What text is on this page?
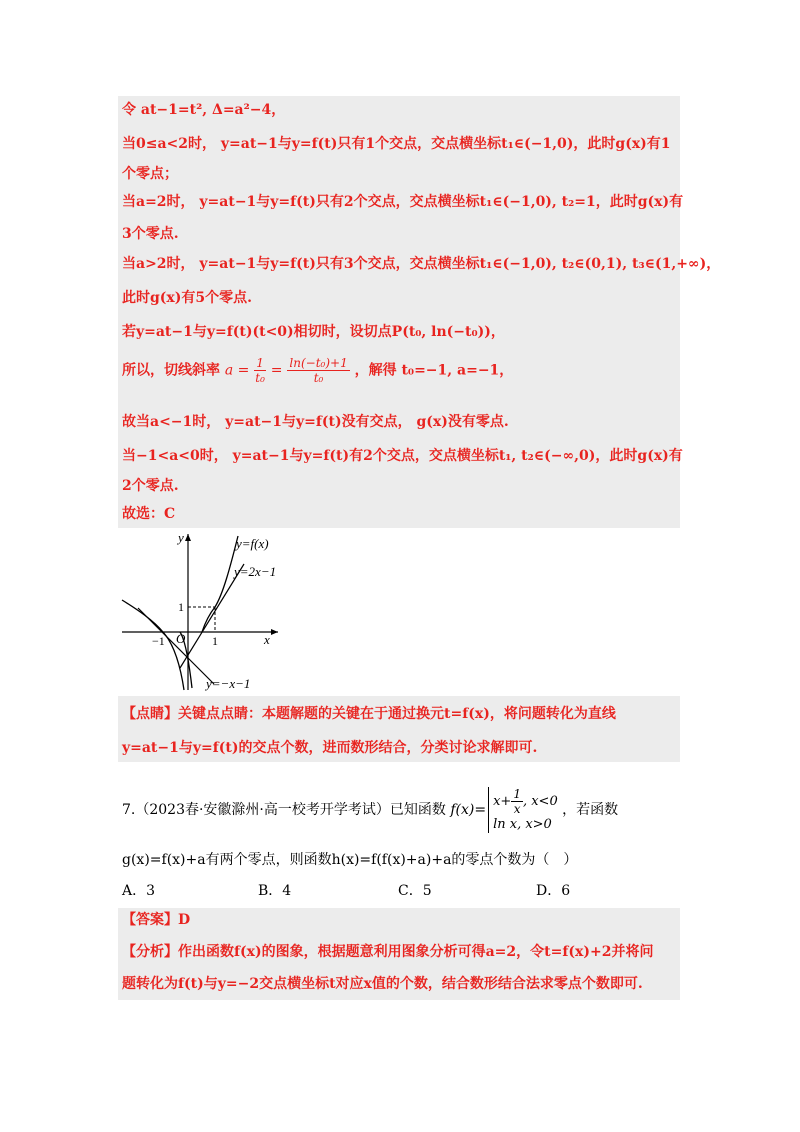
令 at−1=t², Δ=a²−4，
当0≤a<2时， y=at−1与y=f(t)只有1个交点，交点横坐标t₁∈(−1,0)，此时g(x)有1
个零点；
当a=2时， y=at−1与y=f(t)只有2个交点，交点横坐标t₁∈(−1,0), t₂=1，此时g(x)有
3个零点.
当a>2时， y=at−1与y=f(t)只有3个交点，交点横坐标t₁∈(−1,0), t₂∈(0,1), t₃∈(1,+∞)，
此时g(x)有5个零点.
若y=at−1与y=f(t)(t<0)相切时，设切点P(t₀, ln(−t₀))，
所以，切线斜率 $a = \frac{1}{\text{t₀}} = \frac{\text{ln(−t₀)+1}}{\text{t₀}}$ ，解得 t₀=−1, a=−1，
故当a<−1时， y=at−1与y=f(t)没有交点， g(x)没有零点.
当−1<a<0时， y=at−1与y=f(t)有2个交点，交点横坐标t₁, t₂∈(−∞,0)，此时g(x)有
2个零点.
故选：C
y=f(x)
y=2x−1
y=−x−1
y
x
O
−1	1
1
【点睛】关键点点睛：本题解题的关键在于通过换元t=f(x)，将问题转化为直线
y=at−1与y=f(t)的交点个数，进而数形结合，分类讨论求解即可.
7.（2023春·安徽滁州·高一校考开学考试）已知函数 f(x)=
$x+ \frac{1}{x}$, x<0
ln x, x>0
，若函数
g(x)=f(x)+a有两个零点，则函数h(x)=f(f(x)+a)+a的零点个数为（　）
A．3	B．4	C．5	D．6
【答案】D
【分析】作出函数f(x)的图象，根据题意利用图象分析可得a=2，令t=f(x)+2并将问
题转化为f(t)与y=−2交点横坐标t对应x值的个数，结合数形结合法求零点个数即可.
